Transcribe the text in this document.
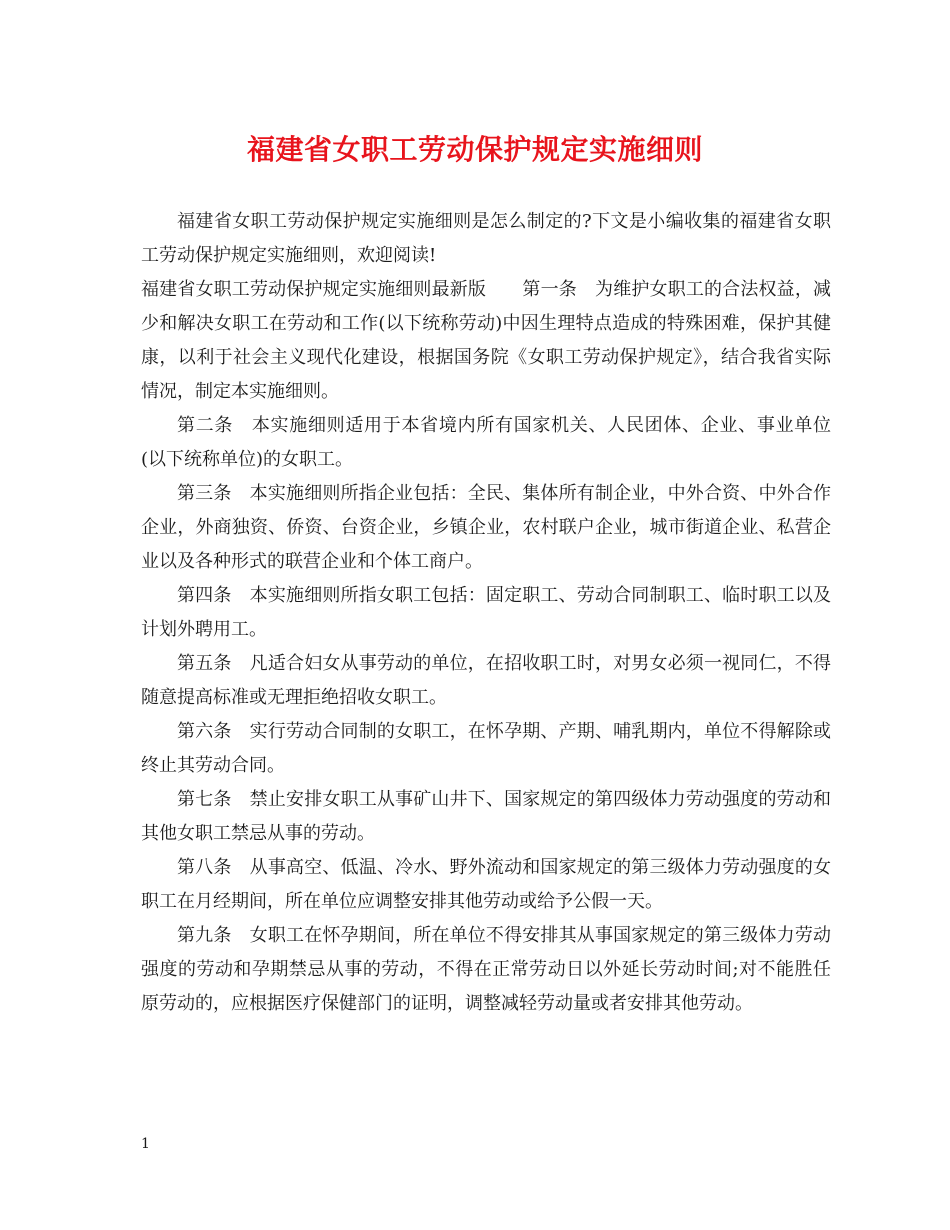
福建省女职工劳动保护规定实施细则

福建省女职工劳动保护规定实施细则是怎么制定的?下文是小编收集的福建省女职工劳动保护规定实施细则，欢迎阅读!

福建省女职工劳动保护规定实施细则最新版　　第一条　为维护女职工的合法权益，减少和解决女职工在劳动和工作(以下统称劳动)中因生理特点造成的特殊困难，保护其健康，以利于社会主义现代化建设，根据国务院《女职工劳动保护规定》，结合我省实际情况，制定本实施细则。

第二条　本实施细则适用于本省境内所有国家机关、人民团体、企业、事业单位(以下统称单位)的女职工。

第三条　本实施细则所指企业包括：全民、集体所有制企业，中外合资、中外合作企业，外商独资、侨资、台资企业，乡镇企业，农村联户企业，城市街道企业、私营企业以及各种形式的联营企业和个体工商户。

第四条　本实施细则所指女职工包括：固定职工、劳动合同制职工、临时职工以及计划外聘用工。

第五条　凡适合妇女从事劳动的单位，在招收职工时，对男女必须一视同仁，不得随意提高标准或无理拒绝招收女职工。

第六条　实行劳动合同制的女职工，在怀孕期、产期、哺乳期内，单位不得解除或终止其劳动合同。

第七条　禁止安排女职工从事矿山井下、国家规定的第四级体力劳动强度的劳动和其他女职工禁忌从事的劳动。

第八条　从事高空、低温、冷水、野外流动和国家规定的第三级体力劳动强度的女职工在月经期间，所在单位应调整安排其他劳动或给予公假一天。

第九条　女职工在怀孕期间，所在单位不得安排其从事国家规定的第三级体力劳动强度的劳动和孕期禁忌从事的劳动，不得在正常劳动日以外延长劳动时间;对不能胜任原劳动的，应根据医疗保健部门的证明，调整减轻劳动量或者安排其他劳动。

1
